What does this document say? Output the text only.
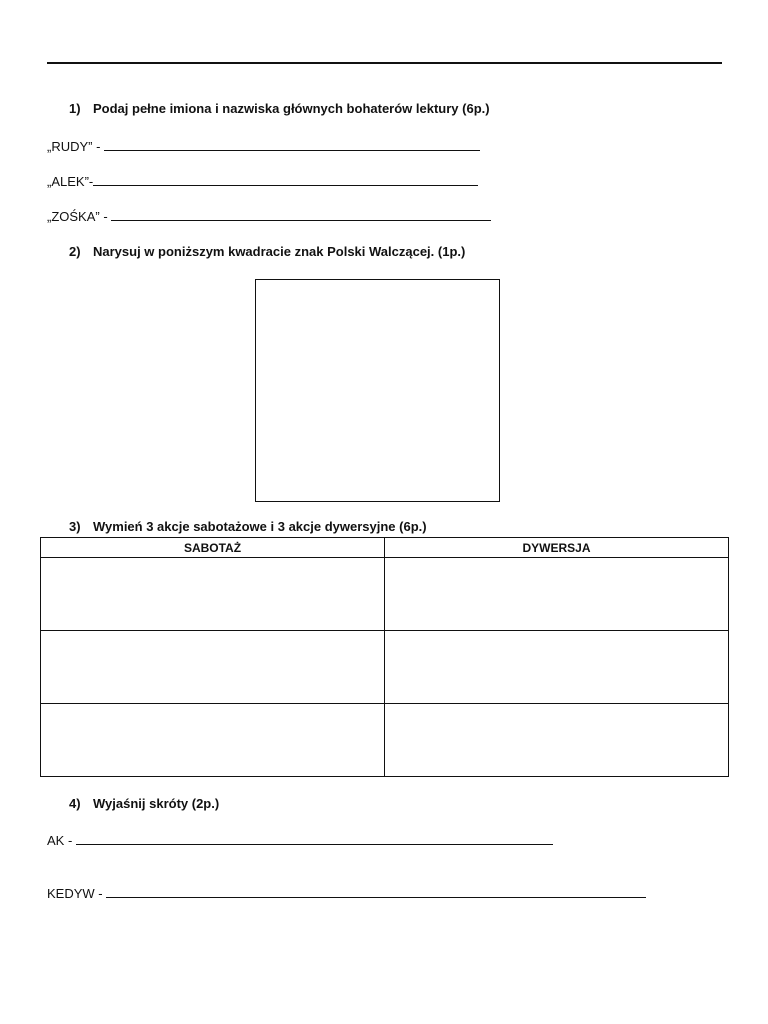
1) Podaj pełne imiona i nazwiska głównych bohaterów lektury (6p.)
„RUDY” -
„ALEK”-
„ZOŚKA” -
2) Narysuj w poniższym kwadracie znak Polski Walczącej. (1p.)
3) Wymień 3 akcje sabotażowe i 3 akcje dywersyjne (6p.)
SABOTAŻ	DYWERSJA

4) Wyjaśnij skróty (2p.)
AK -
KEDYW -
